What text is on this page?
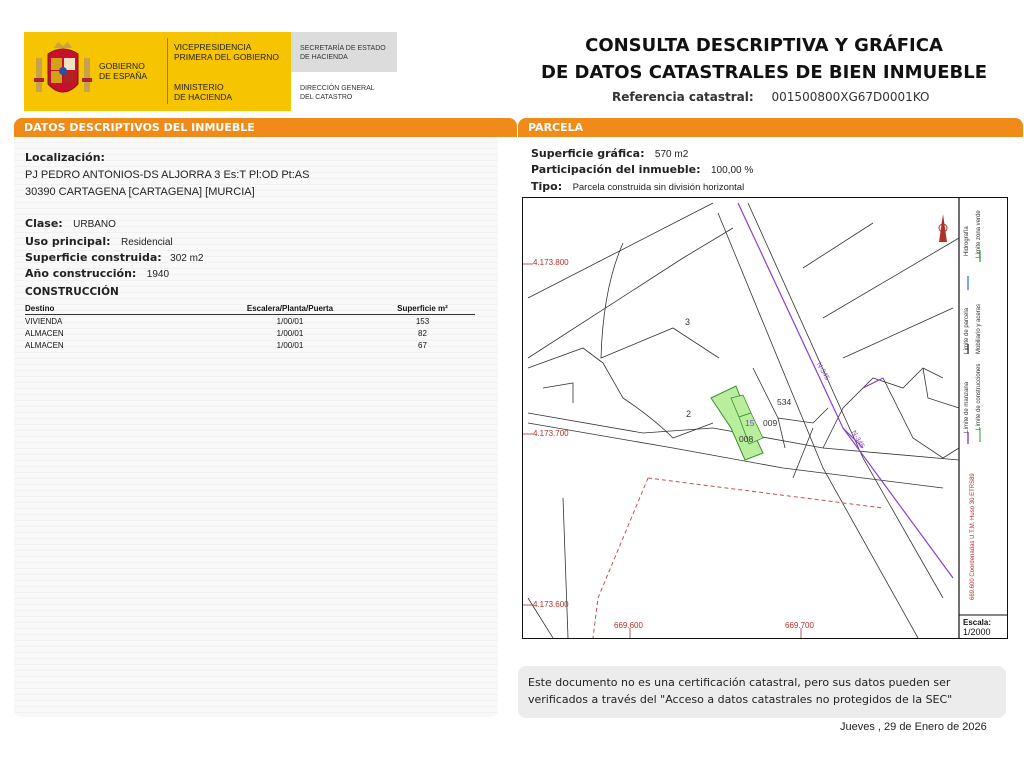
GOBIERNO
DE ESPAÑA
VICEPRESIDENCIA
PRIMERA DEL GOBIERNO
MINISTERIO
DE HACIENDA
SECRETARÍA DE ESTADO
DE HACIENDA
DIRECCIÓN GENERAL
DEL CATASTRO
CONSULTA DESCRIPTIVA Y GRÁFICA
DE DATOS CATASTRALES DE BIEN INMUEBLE
Referencia catastral: 001500800XG67D0001KO
DATOS DESCRIPTIVOS DEL INMUEBLE
Localización:
PJ PEDRO ANTONIOS-DS ALJORRA 3 Es:T Pl:OD Pt:AS
30390 CARTAGENA [CARTAGENA] [MURCIA]
Clase: URBANO
Uso principal: Residencial
Superficie construida: 302 m2
Año construcción: 1940
CONSTRUCCIÓN
Destino	Escalera/Planta/Puerta	Superficie m²
VIVIENDA	1/00/01	153
ALMACEN	1/00/01	82
ALMACEN	1/00/01	67
PARCELA
Superficie gráfica: 570 m2
Participación del inmueble: 100,00 %
Tipo: Parcela construida sin división horizontal
4.173.800
4.173.700
4.173.600
669.600	669.700
3
2
534
009
008
15
N-345
N-345
Límite de parcela Mobiliario y aceras
Hidrografía Límite zona verde
Límite de manzana Límite de construcciones
669.600 Coordenadas U.T.M. Huso 30 ETRS89
Escala:
1/2000
Este documento no es una certificación catastral, pero sus datos pueden ser verificados a través del "Acceso a datos catastrales no protegidos de la SEC"
Jueves , 29 de Enero de 2026
